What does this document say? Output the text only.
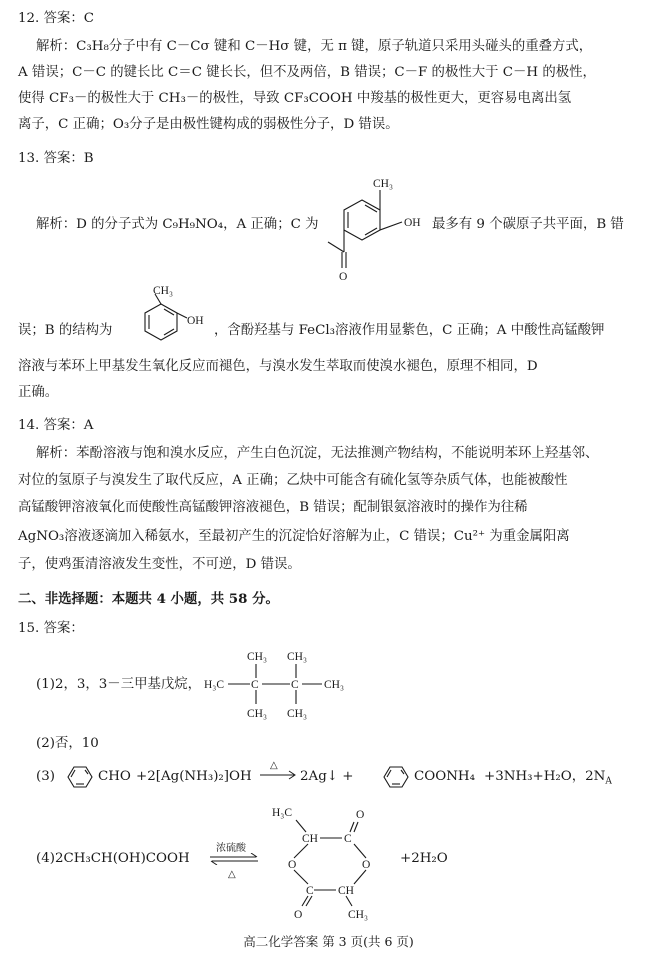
12. 答案：C
解析：C₃H₈分子中有 C－Cσ 键和 C－Hσ 键，无 π 键，原子轨道只采用头碰头的重叠方式，
A 错误；C－C 的键长比 C＝C 键长长，但不及两倍，B 错误；C－F 的极性大于 C－H 的极性，
使得 CF₃－的极性大于 CH₃－的极性，导致 CF₃COOH 中羧基的极性更大，更容易电离出氢
离子，C 正确；O₃分子是由极性键构成的弱极性分子，D 错误。
13. 答案：B
CH₃
OH
O
解析：D 的分子式为 C₉H₉NO₄，A 正确；C 为	最多有 9 个碳原子共平面，B 错
CH₃
OH
误；B 的结构为	，含酚羟基与 FeCl₃溶液作用显紫色，C 正确；A 中酸性高锰酸钾
溶液与苯环上甲基发生氧化反应而褪色，与溴水发生萃取而使溴水褪色，原理不相同，D
正确。
14. 答案：A
解析：苯酚溶液与饱和溴水反应，产生白色沉淀，无法推测产物结构，不能说明苯环上羟基邻、
对位的氢原子与溴发生了取代反应，A 正确；乙炔中可能含有硫化氢等杂质气体，也能被酸性
高锰酸钾溶液氧化而使酸性高锰酸钾溶液褪色，B 错误；配制银氨溶液时的操作为往稀
AgNO₃溶液逐滴加入稀氨水，至最初产生的沉淀恰好溶解为止，C 错误；Cu²⁺ 为重金属阳离
子，使鸡蛋清溶液发生变性，不可逆，D 错误。
二、非选择题：本题共 4 小题，共 58 分。
15. 答案：
(1)2，3，3－三甲基戊烷，	C	C
CH₃ CH₃
H₃C	CH₃
CH₃ CH₃
(2)否，10
(3)	CHO +2[Ag(NH₃)₂]OH
△
→ 2Ag↓ +	COONH₄ +3NH₃+H₂O，$2N_A$
(4)2CH₃CH(OH)COOH
浓硫酸
△
H₃C	O
CH C
O	O
C CH
O	CH₃
+2H₂O
高二化学答案 第 3 页(共 6 页)
